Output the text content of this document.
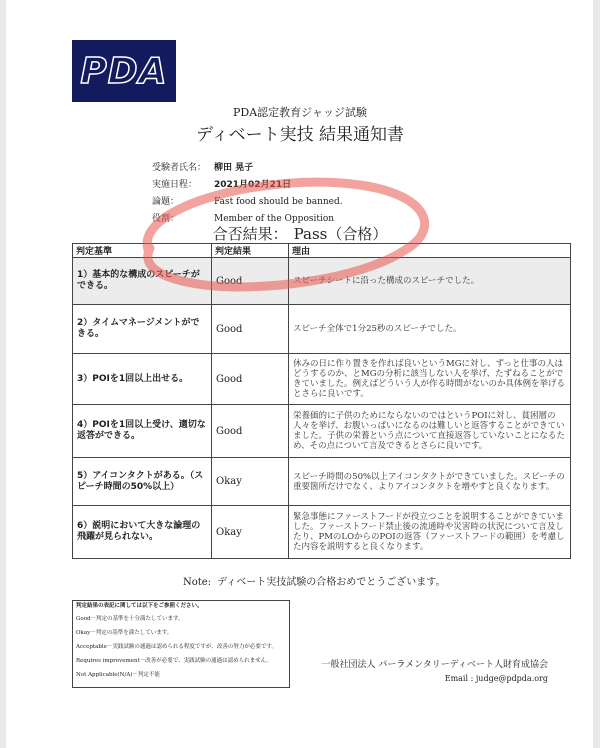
PDA
PDA認定教育ジャッジ試験
ディベート実技 結果通知書
受験者氏名： 柳田 晃子
実施日程： 2021月02月21日
論題：	Fast food should be banned.
役割：	Member of the Opposition
合否結果： Pass（合格）
判定基準	判定結果	理由
1）基本的な構成のスピーチができる。	Good	スピーチシートに沿った構成のスピーチでした。
2）タイムマネージメントができる。	Good	スピーチ全体で1分25秒のスピーチでした。
3）POIを1回以上出せる。	Good	休みの日に作り置きを作れば良いというMGに対し、ずっと仕事の人はどうするのか、とMGの分析に該当しない人を挙げ、たずねることができていました。例えばどういう人が作る時間がないのか具体例を挙げるとさらに良いです。
4）POIを1回以上受け、適切な返答ができる。	Good	栄養価的に子供のためにならないのではというPOIに対し、貧困層の人々を挙げ、お腹いっぱいになるのは難しいと返答することができていました。子供の栄養という点について直接返答していないことになるため、その点について言及できるとさらに良いです。
5）アイコンタクトがある。（スピーチ時間の50%以上）	Okay	スピーチ時間の50%以上アイコンタクトができていました。スピーチの重要箇所だけでなく、よりアイコンタクトを増やすと良くなります。
6）説明において大きな論理の飛躍が見られない。	Okay	緊急事態にファーストフードが役立つことを説明することができていました。ファーストフード禁止後の流通時や災害時の状況について言及したり、PMのLOからのPOIの返答（ファーストフードの範囲）を考慮した内容を説明すると良くなります。
Note: ディベート実技試験の合格おめでとうございます。
判定結果の表記に関しては以下をご参照ください。
Good－判定の基準を十分満たしています。
Okay－判定の基準を満たしています。
Acceptable－実践試験の通過は認められる程度ですが、改善の努力が必要です。
Requires improvement－改善が必要で、実践試験の通過は認められません。
Not Applicable(N/A)－判定不能
一般社団法人 パーラメンタリーディベート人財育成協会
Email : judge@pdpda.org
